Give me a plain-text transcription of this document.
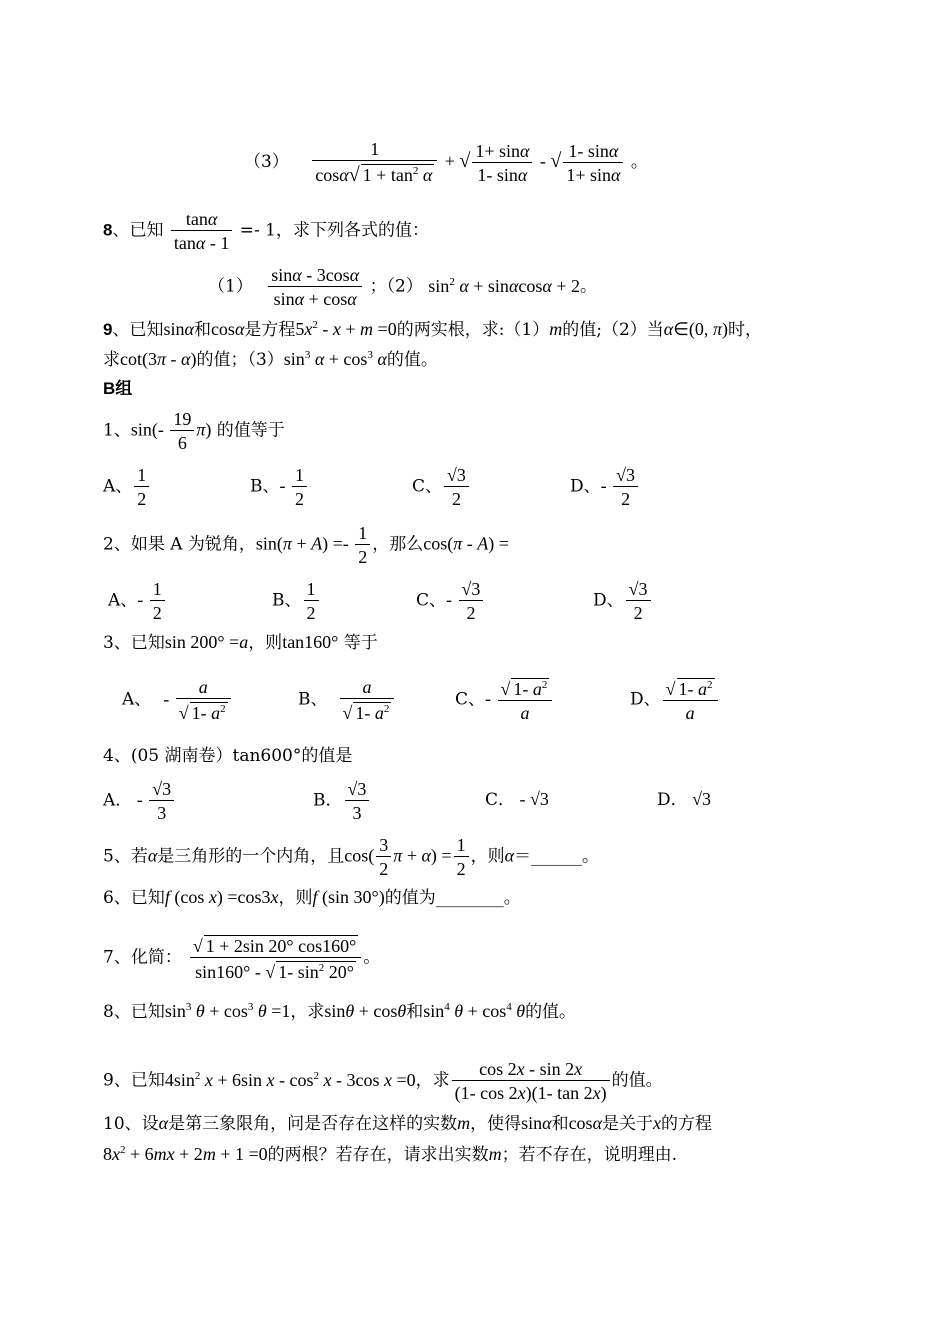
$(3) \frac{1}{\cos\alpha√ 1 + \tan^2 \alpha}$ + √ $\frac{1+ \sin\alpha}{1- \sin\alpha}$ - √ $\frac{1- \sin\alpha}{1+ \sin\alpha}$ 。
8、已知 $\frac{\tan\alpha}{\tan\alpha - 1} =- 1$，求下列各式的值：
$(1) \frac{\sin\alpha - 3\cos\alpha}{\sin\alpha + \cos\alpha}$ ；（2） $\sin^2 \alpha + \sin\alpha\cos\alpha + 2$。
9、已知sinα和cosα是方程$5x^2 - x + m =0$的两实根，求:（1）m的值;（2）当α∈(0, π)时，
求cot(3π - α)的值；$(3)\sin^3$ $\alpha + \cos^3 \alpha$的值。
B组
1、$\sin(- \frac{19}{6} \pi)$ 的值等于
A、 $\frac{1}{2}$	B、- $\frac{1}{2}$	C、 $\frac{√3}{2}$	D、- $\frac{√3}{2}$
2、如果 A 为锐角，$\sin(\pi + A) =- \frac{1}{2}$ ，那么cos(π - A) =
A、- $\frac{1}{2}$	B、 $\frac{1}{2}$	C、- $\frac{√3}{2}$	D、 $\frac{√3}{2}$
3、已知sin 200° =a，则tan160° 等于
A、 - $\frac{a}{√ 1- a^2}$	B、 $\frac{a}{√ 1- a^2}$	C、- $\frac{√ 1- a^2}{a}$	D、 $\frac{√ 1- a^2}{a}$
4、(05 湖南卷）tan600°的值是
A． - $\frac{√3}{3}$	B． $\frac{√3}{3}$	C． - √3	D． √3
5、若α是三角形的一个内角，且$\cos( \frac{3}{2}$ $\pi + \alpha) = \frac{1}{2}$ ，则α＝______。
6、已知f (cos x) =cos3x，则f (sin 30°)的值为________。
7、化简： $\frac{√ 1 + 2\sin 20^\circ \cos 160^\circ}{\sin 160^\circ - √ 1- \sin^2 20^\circ}$ 。
8、已知$\sin^3 \theta + \cos^3 \theta =1$，求sinθ + cosθ和$\sin^4 \theta + \cos^4 \theta$的值。
9、已知$4\sin^2$ x + 6sin x - $\cos^2 x - 3\cos$ x =0，求 $\frac{\cos 2x - \sin 2x}{(1- \cos 2x)(1- \tan 2x)}$ 的值。
10、设α是第三象限角，问是否存在这样的实数m，使得sinα和cosα是关于x的方程
$8x^2 + 6mx + 2m + 1 =0$的两根？若存在，请求出实数m；若不存在，说明理由.
